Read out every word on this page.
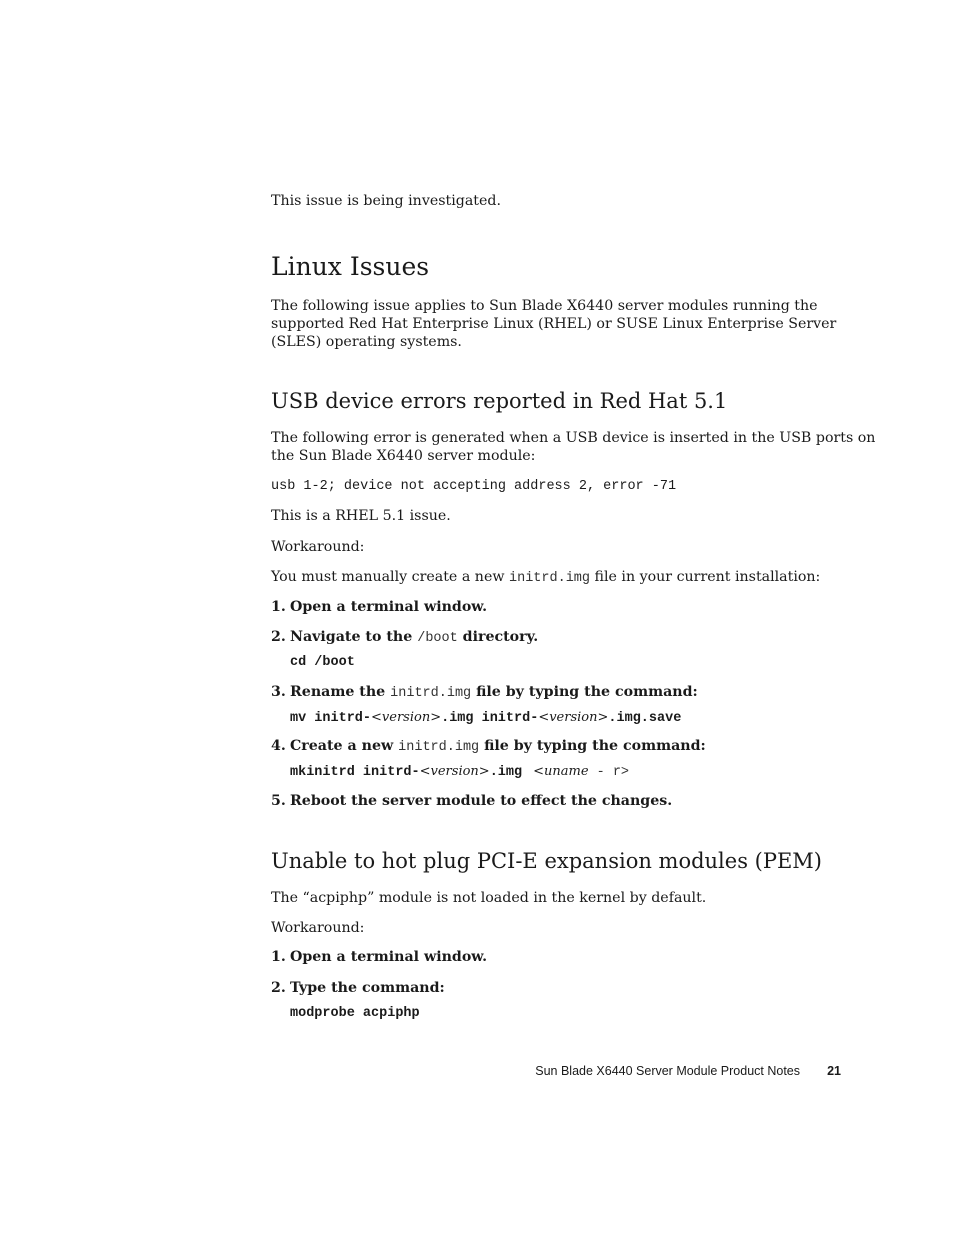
This issue is being investigated.
Linux Issues
The following issue applies to Sun Blade X6440 server modules running the
supported Red Hat Enterprise Linux (RHEL) or SUSE Linux Enterprise Server
(SLES) operating systems.
USB device errors reported in Red Hat 5.1
The following error is generated when a USB device is inserted in the USB ports on
the Sun Blade X6440 server module:
usb 1-2; device not accepting address 2, error -71
This is a RHEL 5.1 issue.
Workaround:
You must manually create a new initrd.img file in your current installation:
1. Open a terminal window.
2. Navigate to the /boot directory.
cd /boot
3. Rename the initrd.img file by typing the command:
mv initrd-<version>.img initrd-<version>.img.save
4. Create a new initrd.img file by typing the command:
mkinitrd initrd-<version>.img <uname - r>
5. Reboot the server module to effect the changes.
Unable to hot plug PCI-E expansion modules (PEM)
The “acpiphp” module is not loaded in the kernel by default.
Workaround:
1. Open a terminal window.
2. Type the command:
modprobe acpiphp
Sun Blade X6440 Server Module Product Notes 21
